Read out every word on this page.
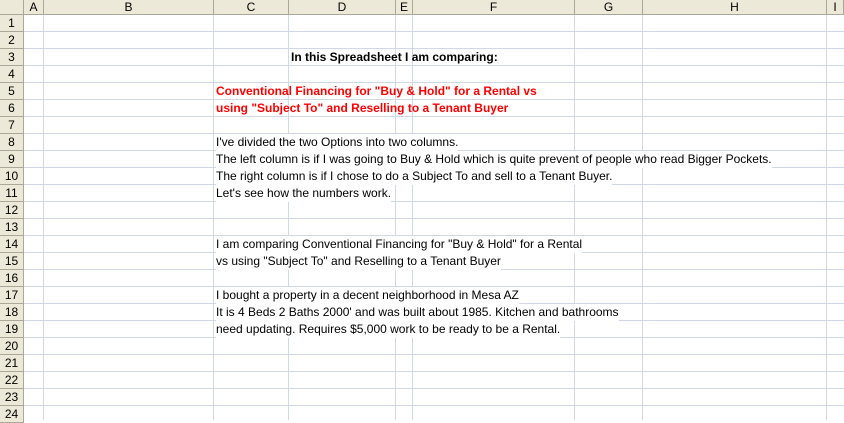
A	B	C	D	E	F	G	H	I
1
2
3
4
5
6
7
8
9
10
11
12
13
14
15
16
17
18
19
20
21
22
23
24
In this Spreadsheet I am comparing:
Conventional Financing for "Buy & Hold" for a Rental vs
using "Subject To" and Reselling to a Tenant Buyer
I've divided the two Options into two columns.
The left column is if I was going to Buy & Hold which is quite prevent of people who read Bigger Pockets.
The right column is if I chose to do a Subject To and sell to a Tenant Buyer.
Let's see how the numbers work.
I am comparing Conventional Financing for "Buy & Hold" for a Rental
vs using "Subject To" and Reselling to a Tenant Buyer
I bought a property in a decent neighborhood in Mesa AZ
It is 4 Beds 2 Baths 2000' and was built about 1985. Kitchen and bathrooms
need updating. Requires $5,000 work to be ready to be a Rental.
